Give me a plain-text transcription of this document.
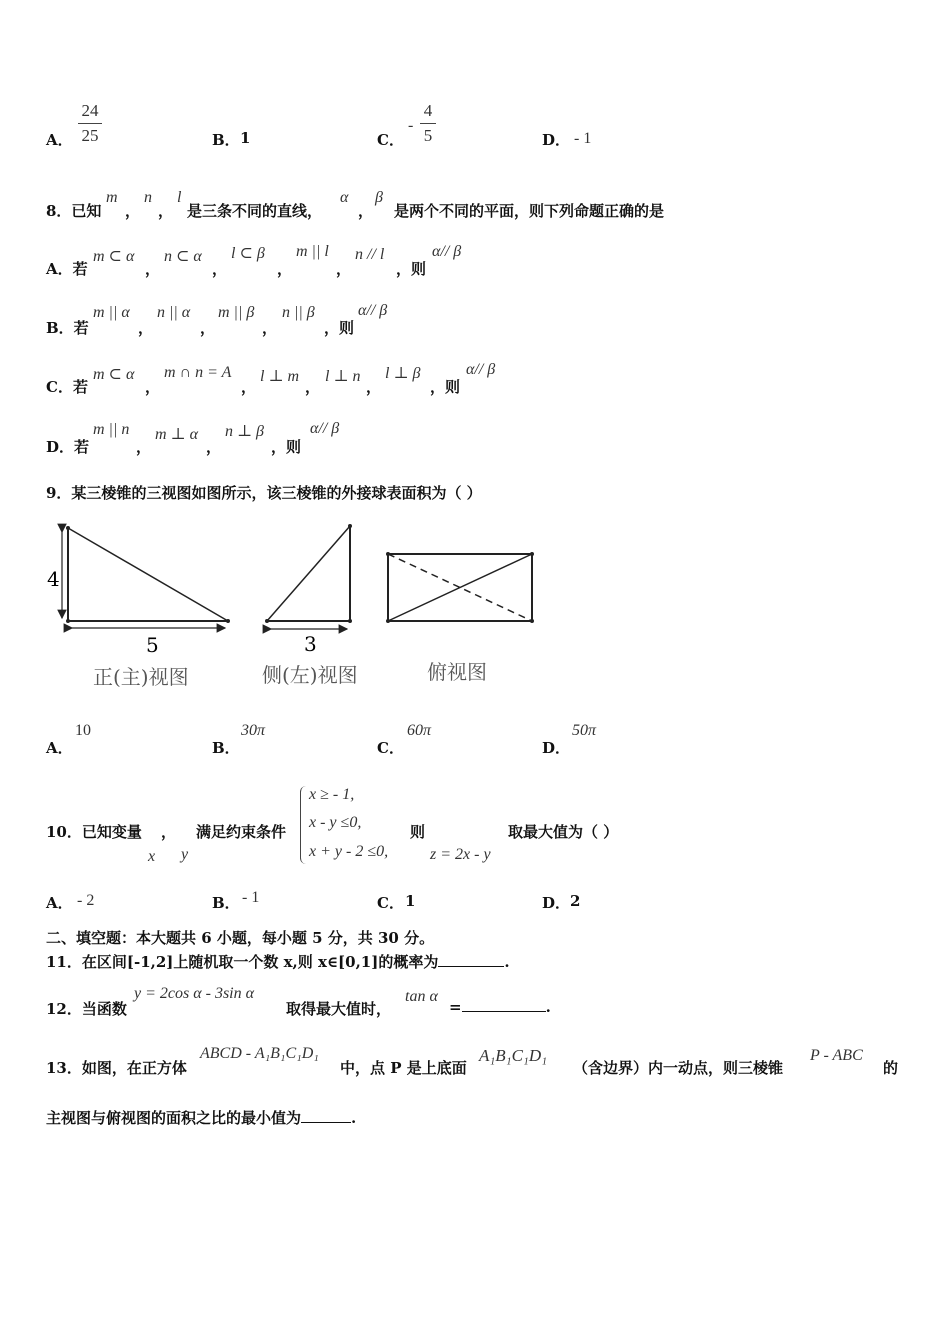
A．
24
25	B． 1	C．
-
4
5	D． - 1
8．已知
m
，
n
，
l
是三条不同的直线，
α
，
β
是两个不同的平面，则下列命题正确的是
A．若
m ⊂ α
，
n ⊂ α
，
l ⊂ β
，
m || l
，
n // l
，则
α// β
B．若
m || α
，
n || α
，
m || β
，
n || β
，则
α// β
C．若
m ⊂ α
，
m ∩ n = A
，
l ⊥ m
，
l ⊥ n
，
l ⊥ β
，则
α// β
D．若
m || n
，
m ⊥ α
，
n ⊥ β
，则
α// β
9．某三棱锥的三视图如图所示，该三棱锥的外接球表面积为（ ）
4
5
正(主)视图
3
侧(左)视图	俯视图
A．
10
B．
30π
C．
60π
D．
50π
10．已知变量 ， 满足约束条件
x y
x ≥ - 1,
x - y ≤0,
x + y - 2 ≤0,
则
z = 2x - y
取最大值为（ ）
A． - 2	B． - 1	C． 1	D． 2
二、填空题：本大题共 6 小题，每小题 5 分，共 30 分。
11．在区间[-1,2]上随机取一个数 x,则 x∈[0,1]的概率为	.
12．当函数
y = 2cos α - 3sin α
取得最大值时，
tan α
=	.
13．如图，在正方体
ABCD - A₁B₁C₁D₁
中，点 P 是上底面
A₁B₁C₁D₁
（含边界）内一动点，则三棱锥
P - ABC
的
主视图与俯视图的面积之比的最小值为	.
